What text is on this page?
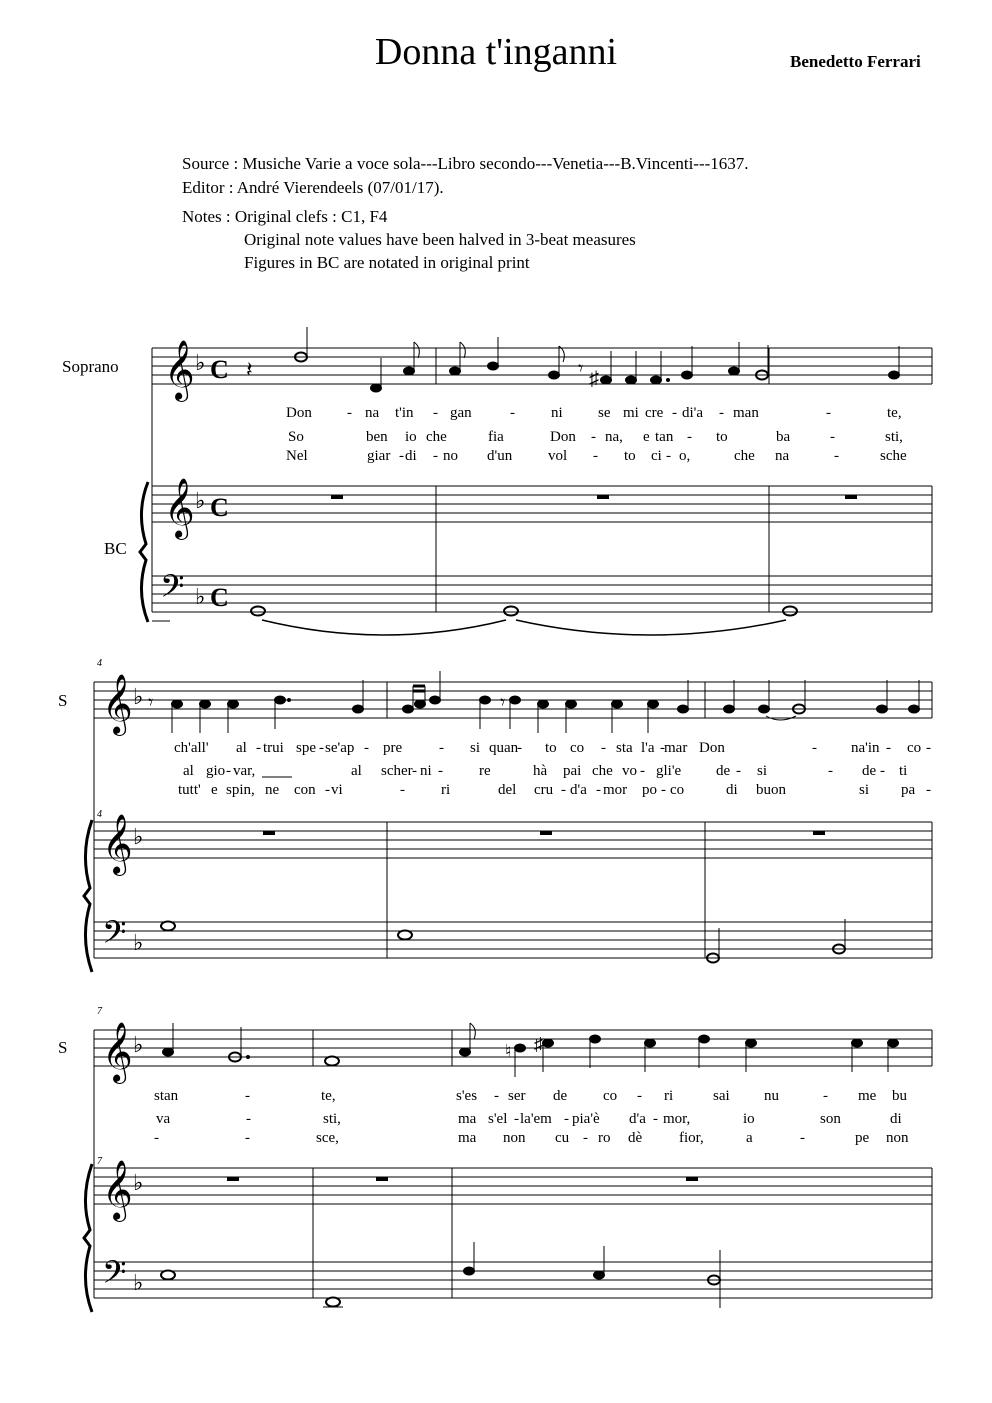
Donna t'inganni	Benedetto Ferrari
Source : Musiche Varie a voce sola---Libro secondo---Venetia---B.Vincenti---1637.
Editor : André Vierendeels (07/01/17).
Notes : Original clefs : C1, F4
Original note values have been halved in 3-beat measures
Figures in BC are notated in original print
Soprano
BC
𝄞 ♭ C 𝄽	𝄾 ♯
Don - na t'in - gan	- ni se mi cre - di'a - man	-	te,
So	ben io che	fia	Don - na, e tan - to	ba	-	sti,
Nel	giar - di - no d'un vol - to ci - o,	che na	-	sche
𝄞 ♭ C
𝄢 ♭ C
S
4
4
𝄞 ♭ 𝄾	𝄾
ch'all' al - trui spe - se'ap - pre - si quan
- to co - sta l'a - mar Don	- na'in - co -
al gio - var,	al scher - ni - re	hà pai che vo - gli'e de - si	- de - ti
tutt' e spin, ne con - vi	- ri	del cru - d'a - mor po - co	di buon	si pa -
𝄞 ♭
𝄢 ♭
S
7
7
𝄞 ♭	♮ ♯
stan	-	te,	s'es - ser de co - ri	sai nu	- me bu
va	-	sti,	ma s'el - la'em - pia'è d'a - mor,	io	son	di
-	-	sce,	ma non cu - ro dè fior,	a	-	pe non
𝄞 ♭
𝄢 ♭
